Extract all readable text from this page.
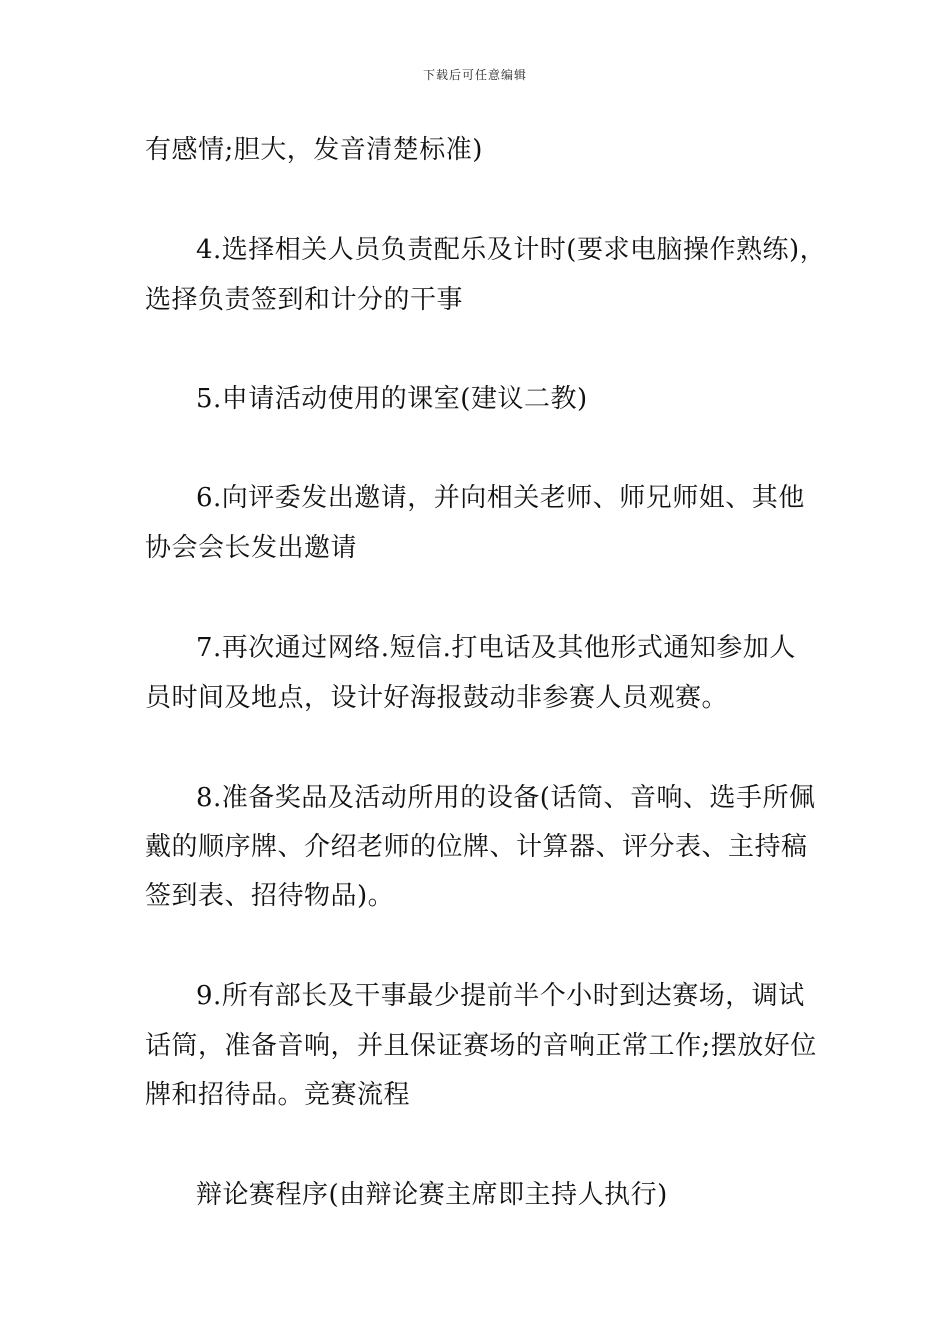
下载后可任意编辑
有感情;胆大，发音清楚标准)
4.选择相关人员负责配乐及计时(要求电脑操作熟练)，
选择负责签到和计分的干事
5.申请活动使用的课室(建议二教)
6.向评委发出邀请，并向相关老师、师兄师姐、其他
协会会长发出邀请
7.再次通过网络.短信.打电话及其他形式通知参加人
员时间及地点，设计好海报鼓动非参赛人员观赛。
8.准备奖品及活动所用的设备(话筒、音响、选手所佩
戴的顺序牌、介绍老师的位牌、计算器、评分表、主持稿
签到表、招待物品)。
9.所有部长及干事最少提前半个小时到达赛场，调试
话筒，准备音响，并且保证赛场的音响正常工作;摆放好位
牌和招待品。竞赛流程
辩论赛程序(由辩论赛主席即主持人执行)
